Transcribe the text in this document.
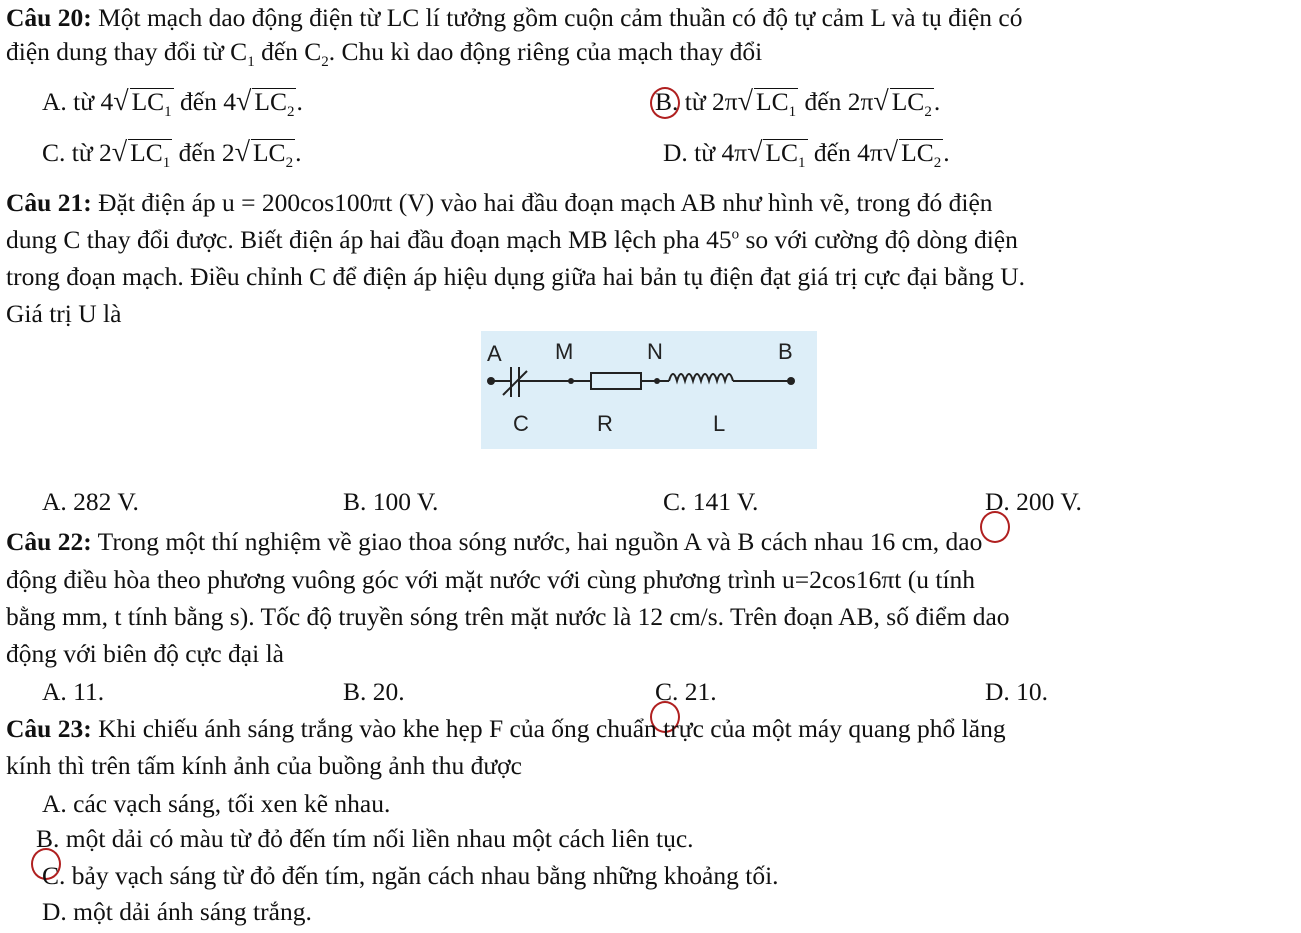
Câu 20: Một mạch dao động điện từ LC lí tưởng gồm cuộn cảm thuần có độ tự cảm L và tụ điện có
điện dung thay đổi từ $C_1$ đến $C_2$. Chu kì dao động riêng của mạch thay đổi
A. từ 4√ $LC_1$ đến 4√ $LC_2$.	B. từ 2π√ $LC_1$ đến 2π√ $LC_2$.
C. từ 2√ $LC_1$ đến 2√ $LC_2$.	D. từ 4π√ $LC_1$ đến 4π√ $LC_2$.
Câu 21: Đặt điện áp u = 200cos100πt (V) vào hai đầu đoạn mạch AB như hình vẽ, trong đó điện
dung C thay đổi được. Biết điện áp hai đầu đoạn mạch MB lệch pha 45$^o$ so với cường độ dòng điện
trong đoạn mạch. Điều chỉnh C để điện áp hiệu dụng giữa hai bản tụ điện đạt giá trị cực đại bằng U.
Giá trị U là
A M	N	B
C	R	L
A. 282 V.	B. 100 V.	C. 141 V.	D. 200 V.
Câu 22: Trong một thí nghiệm về giao thoa sóng nước, hai nguồn A và B cách nhau 16 cm, dao
động điều hòa theo phương vuông góc với mặt nước với cùng phương trình u=2cos16πt (u tính
bằng mm, t tính bằng s). Tốc độ truyền sóng trên mặt nước là 12 cm/s. Trên đoạn AB, số điểm dao
động với biên độ cực đại là
A. 11.	B. 20.	C. 21.	D. 10.
Câu 23: Khi chiếu ánh sáng trắng vào khe hẹp F của ống chuẩn trực của một máy quang phổ lăng
kính thì trên tấm kính ảnh của buồng ảnh thu được
A. các vạch sáng, tối xen kẽ nhau.
B. một dải có màu từ đỏ đến tím nối liền nhau một cách liên tục.
C. bảy vạch sáng từ đỏ đến tím, ngăn cách nhau bằng những khoảng tối.
D. một dải ánh sáng trắng.
